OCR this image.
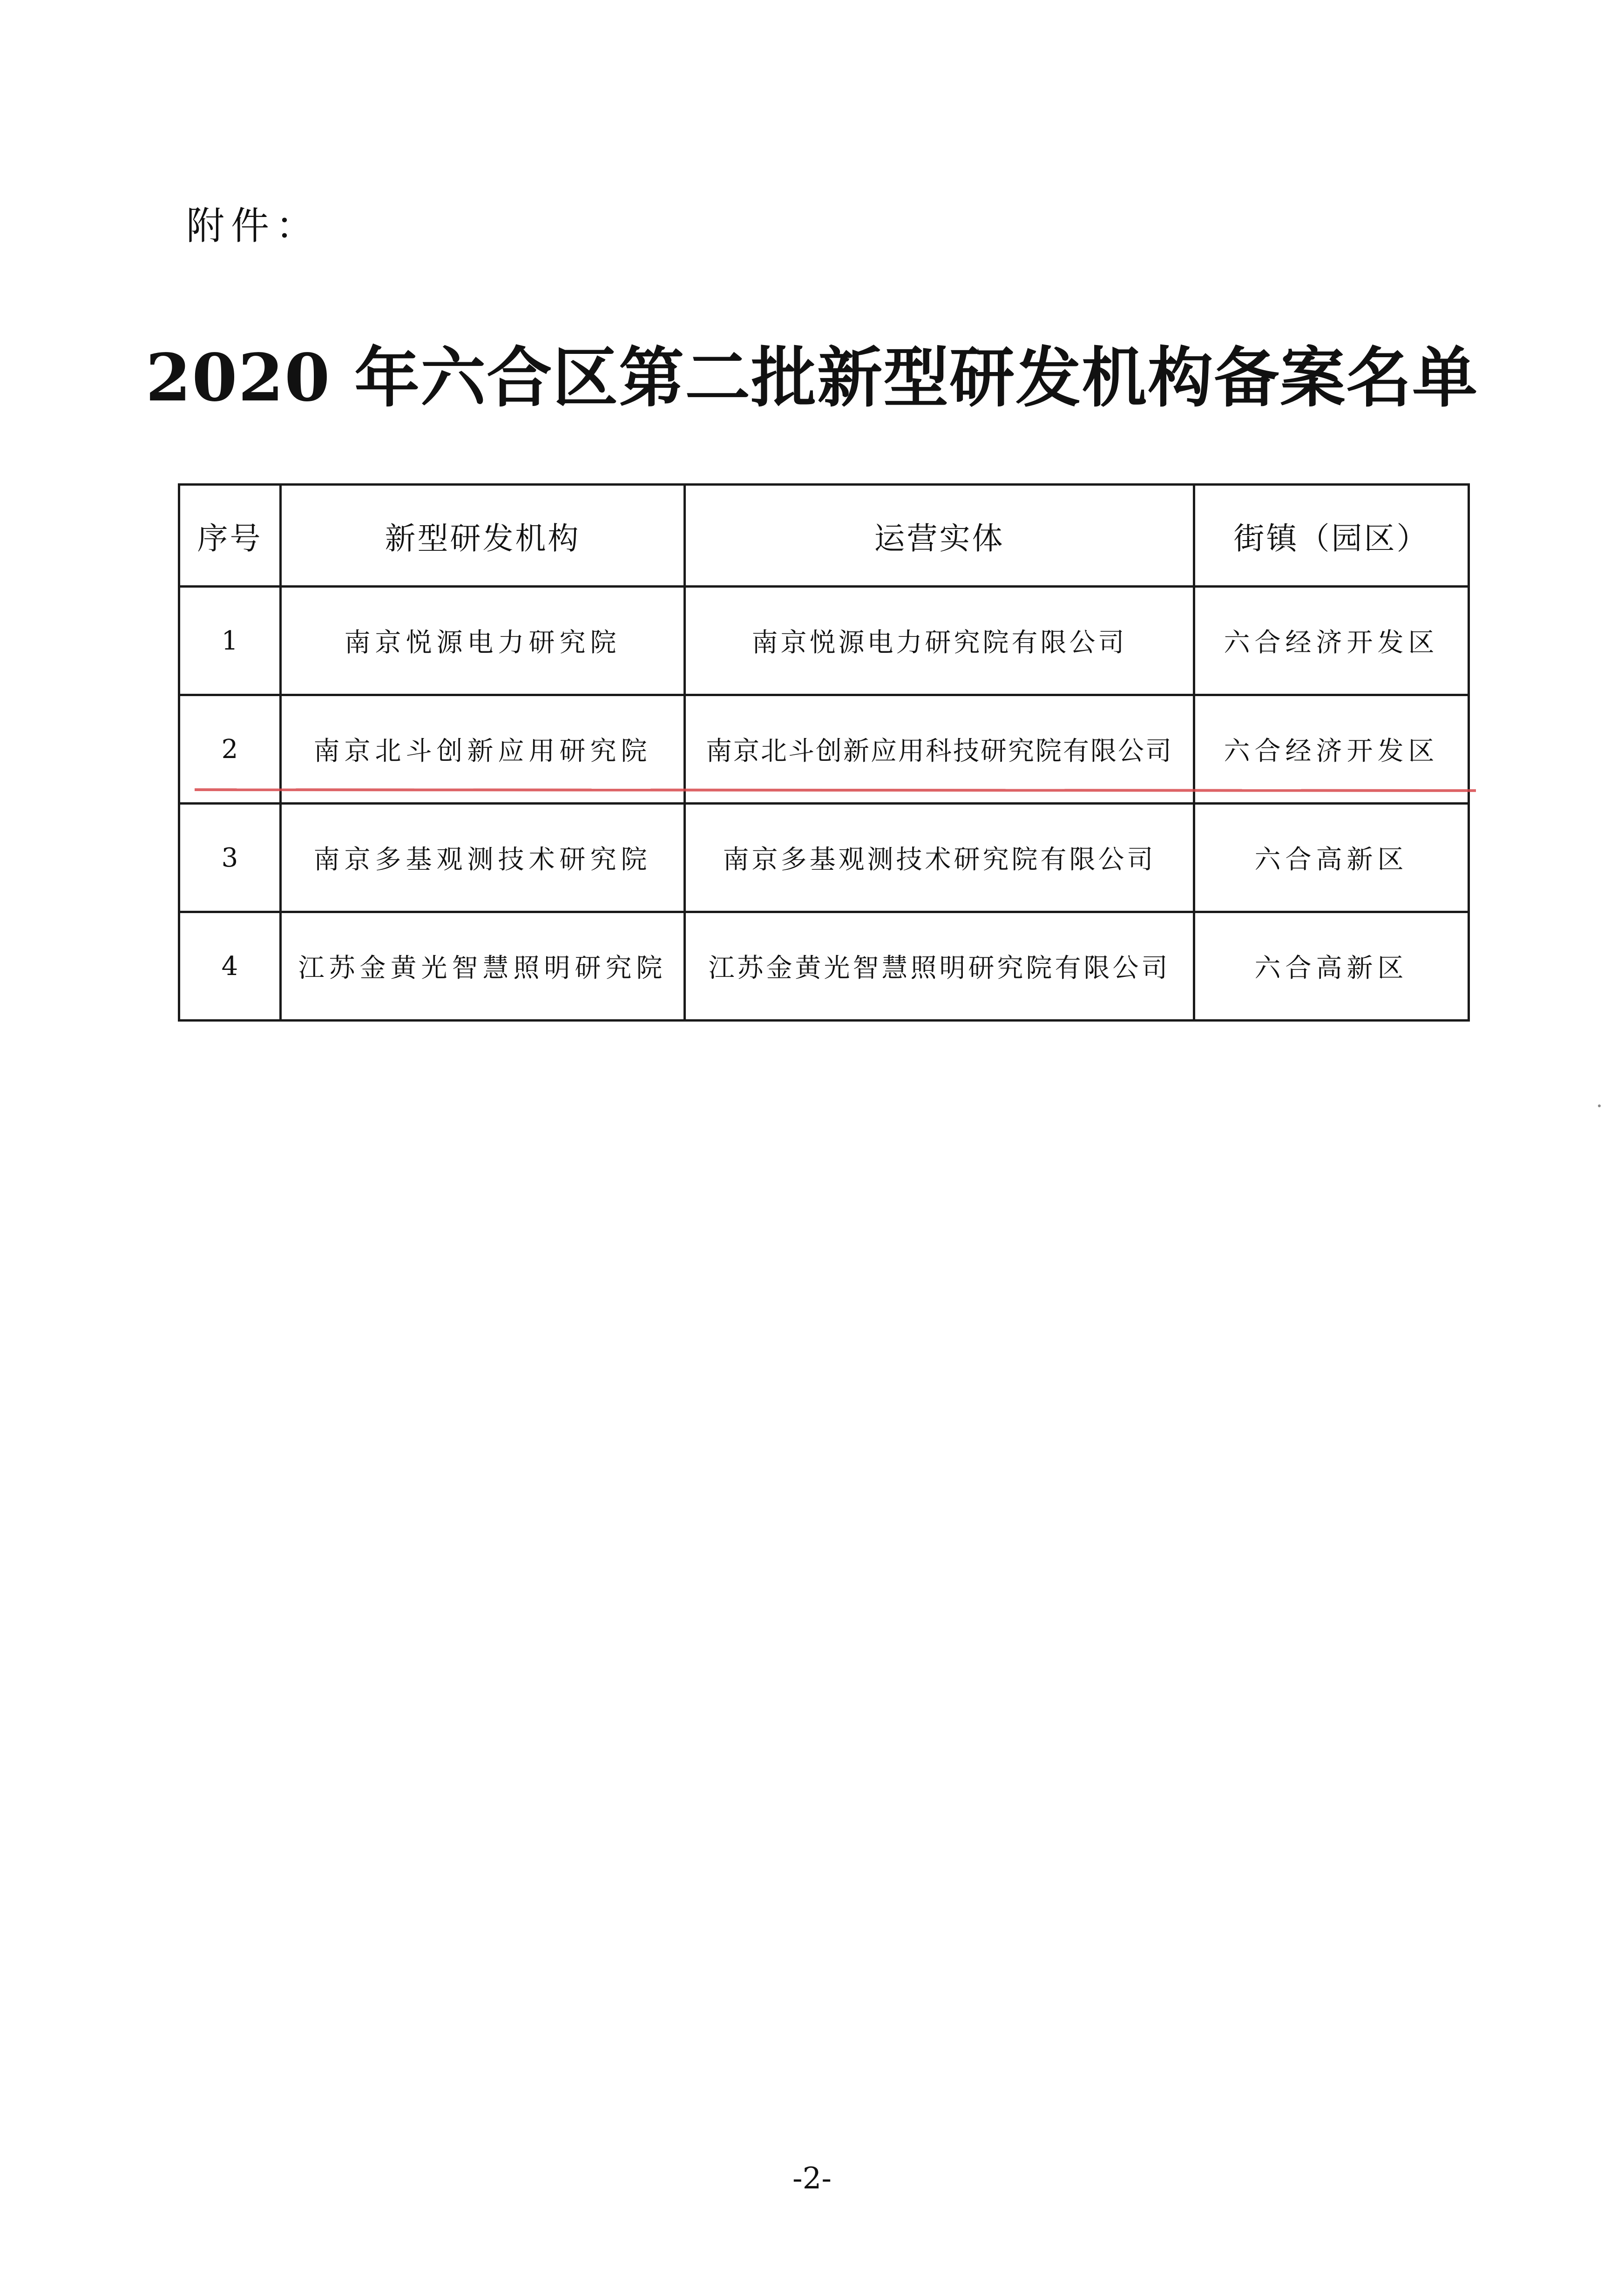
附件：
2020 年六合区第二批新型研发机构备案名单
序号	新型研发机构	运营实体	街镇（园区）
1	南京悦源电力研究院	南京悦源电力研究院有限公司	六合经济开发区
2	南京北斗创新应用研究院	南京北斗创新应用科技研究院有限公司	六合经济开发区
3	南京多基观测技术研究院	南京多基观测技术研究院有限公司	六合高新区
4	江苏金黄光智慧照明研究院	江苏金黄光智慧照明研究院有限公司	六合高新区
-2-
